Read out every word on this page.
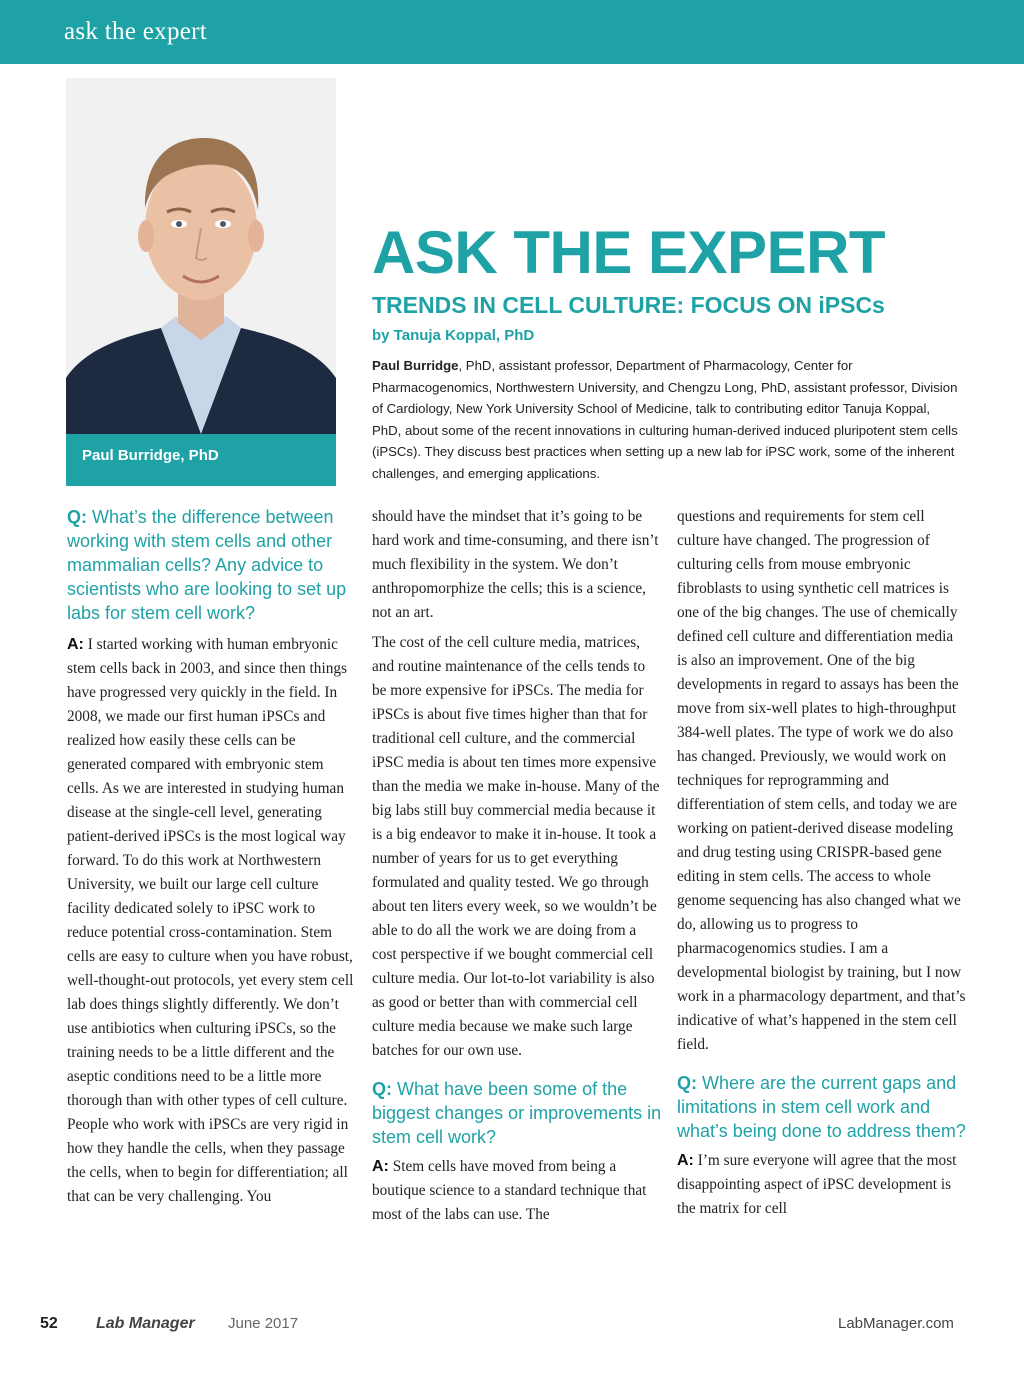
ask the expert
Paul Burridge, PhD
ASK THE EXPERT
TRENDS IN CELL CULTURE: FOCUS ON iPSCs
by Tanuja Koppal, PhD
Paul Burridge, PhD, assistant professor, Department of Pharmacology, Center for Pharmacogenomics, Northwestern University, and Chengzu Long, PhD, assistant professor, Division of Cardiology, New York University School of Medicine, talk to contributing editor Tanuja Koppal, PhD, about some of the recent innovations in culturing human-derived induced pluripotent stem cells (iPSCs). They discuss best practices when setting up a new lab for iPSC work, some of the inherent challenges, and emerging applications.

Q: What’s the difference between working with stem cells and other mammalian cells? Any advice to scientists who are looking to set up labs for stem cell work?

A: I started working with human embryonic stem cells back in 2003, and since then things have progressed very quickly in the field. In 2008, we made our first human iPSCs and realized how easily these cells can be generated compared with embryonic stem cells. As we are interested in studying human disease at the single-cell level, generating patient-derived iPSCs is the most logical way forward. To do this work at Northwestern University, we built our large cell culture facility dedicated solely to iPSC work to reduce potential cross-contamination. Stem cells are easy to culture when you have robust, well-thought-out protocols, yet every stem cell lab does things slightly differently. We don’t use antibiotics when culturing iPSCs, so the training needs to be a little different and the aseptic conditions need to be a little more thorough than with other types of cell culture. People who work with iPSCs are very rigid in how they handle the cells, when they passage the cells, when to begin for differentiation; all that can be very challenging. You

should have the mindset that it’s going to be hard work and time-consuming, and there isn’t much flexibility in the system. We don’t anthropomorphize the cells; this is a science, not an art.

The cost of the cell culture media, matrices, and routine maintenance of the cells tends to be more expensive for iPSCs. The media for iPSCs is about five times higher than that for traditional cell culture, and the commercial iPSC media is about ten times more expensive than the media we make in-house. Many of the big labs still buy commercial media because it is a big endeavor to make it in-house. It took a number of years for us to get everything formulated and quality tested. We go through about ten liters every week, so we wouldn’t be able to do all the work we are doing from a cost perspective if we bought commercial cell culture media. Our lot-to-lot variability is also as good or better than with commercial cell culture media because we make such large batches for our own use.

Q: What have been some of the biggest changes or improvements in stem cell work?

A: Stem cells have moved from being a boutique science to a standard technique that most of the labs can use. The

questions and requirements for stem cell culture have changed. The progression of culturing cells from mouse embryonic fibroblasts to using synthetic cell matrices is one of the big changes. The use of chemically defined cell culture and differentiation media is also an improvement. One of the big developments in regard to assays has been the move from six-well plates to high-throughput 384-well plates. The type of work we do also has changed. Previously, we would work on techniques for reprogramming and differentiation of stem cells, and today we are working on patient-derived disease modeling and drug testing using CRISPR-based gene editing in stem cells. The access to whole genome sequencing has also changed what we do, allowing us to progress to pharmacogenomics studies. I am a developmental biologist by training, but I now work in a pharmacology department, and that’s indicative of what’s happened in the stem cell field.

Q: Where are the current gaps and limitations in stem cell work and what’s being done to address them?

A: I’m sure everyone will agree that the most disappointing aspect of iPSC development is the matrix for cell

52 Lab Manager June 2017	LabManager.com
